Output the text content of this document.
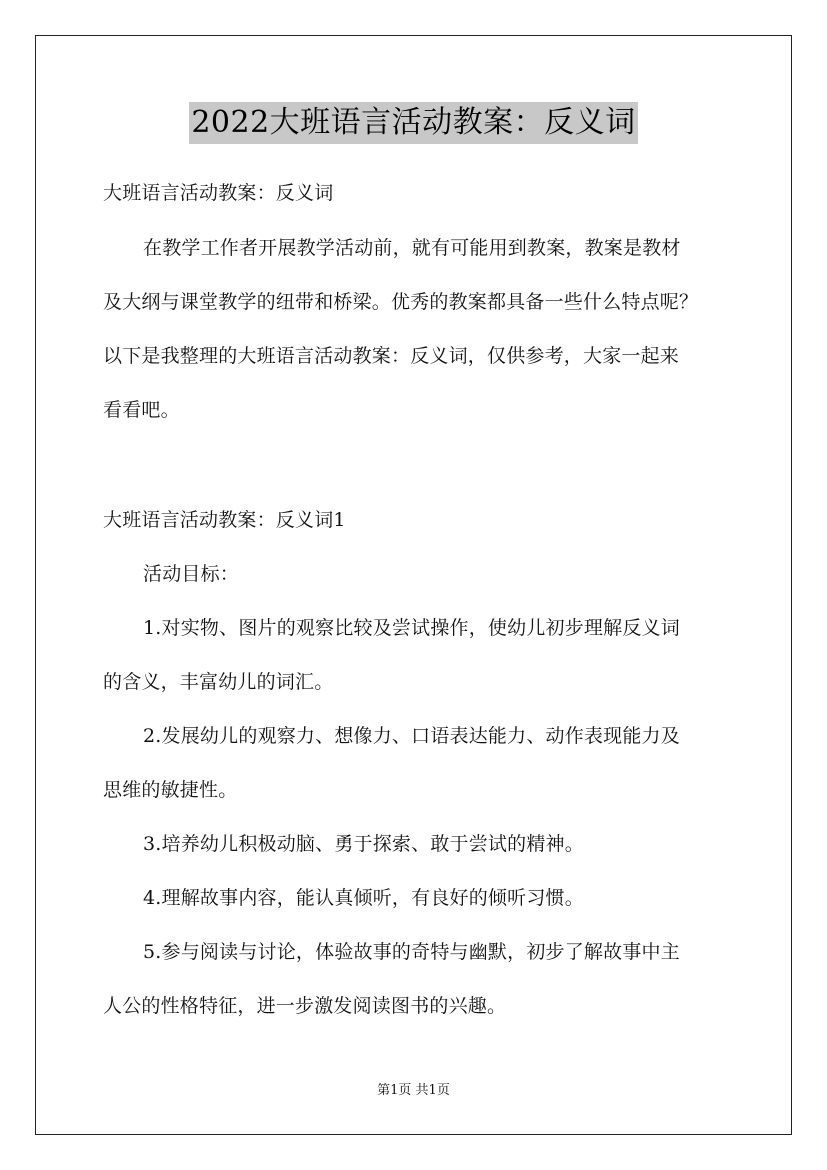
2022大班语言活动教案：反义词

大班语言活动教案：反义词

在教学工作者开展教学活动前，就有可能用到教案，教案是教材

及大纲与课堂教学的纽带和桥梁。优秀的教案都具备一些什么特点呢？

以下是我整理的大班语言活动教案：反义词，仅供参考，大家一起来

看看吧。

大班语言活动教案：反义词1

活动目标：

1.对实物、图片的观察比较及尝试操作，使幼儿初步理解反义词

的含义，丰富幼儿的词汇。

2.发展幼儿的观察力、想像力、口语表达能力、动作表现能力及

思维的敏捷性。

3.培养幼儿积极动脑、勇于探索、敢于尝试的精神。

4.理解故事内容，能认真倾听，有良好的倾听习惯。

5.参与阅读与讨论，体验故事的奇特与幽默，初步了解故事中主

人公的性格特征，进一步激发阅读图书的兴趣。

第1页 共1页
